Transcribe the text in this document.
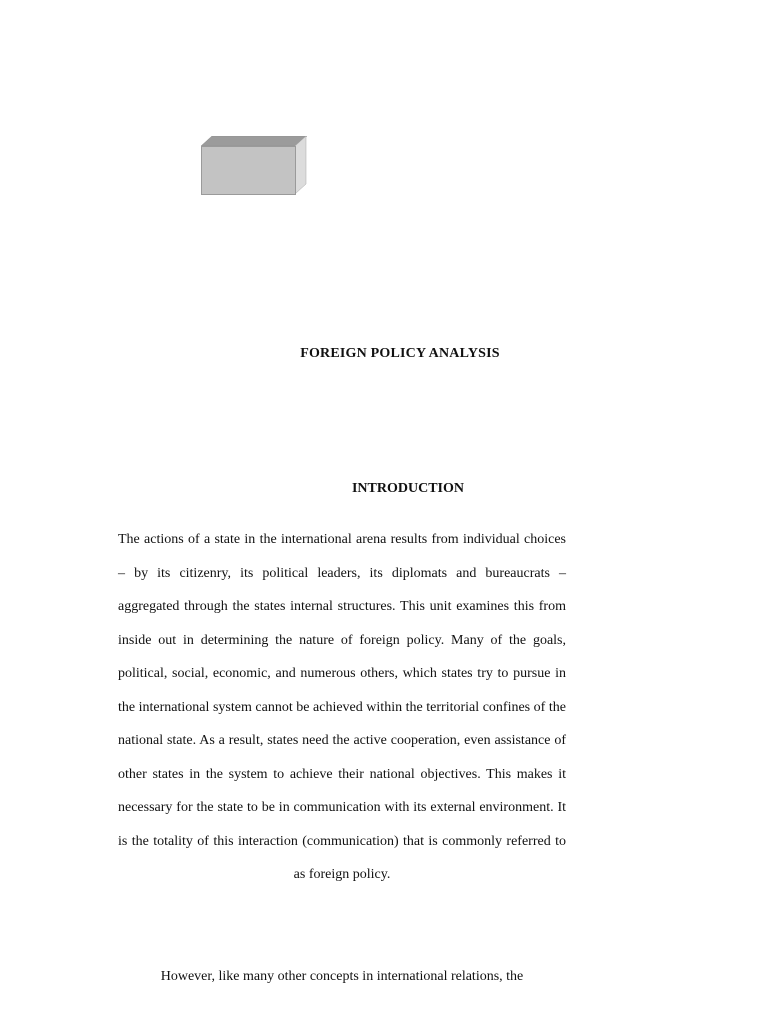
FOREIGN POLICY ANALYSIS
INTRODUCTION

The actions of a state in the international arena results from individual choices – by its citizenry, its political leaders, its diplomats and bureaucrats – aggregated through the states internal structures. This unit examines this from inside out in determining the nature of foreign policy. Many of the goals, political, social, economic, and numerous others, which states try to pursue in the international system cannot be achieved within the territorial confines of the national state. As a result, states need the active cooperation, even assistance of other states in the system to achieve their national objectives. This makes it necessary for the state to be in communication with its external environment. It is the totality of this interaction (communication) that is commonly referred to as foreign policy.

However, like many other concepts in international relations, the
